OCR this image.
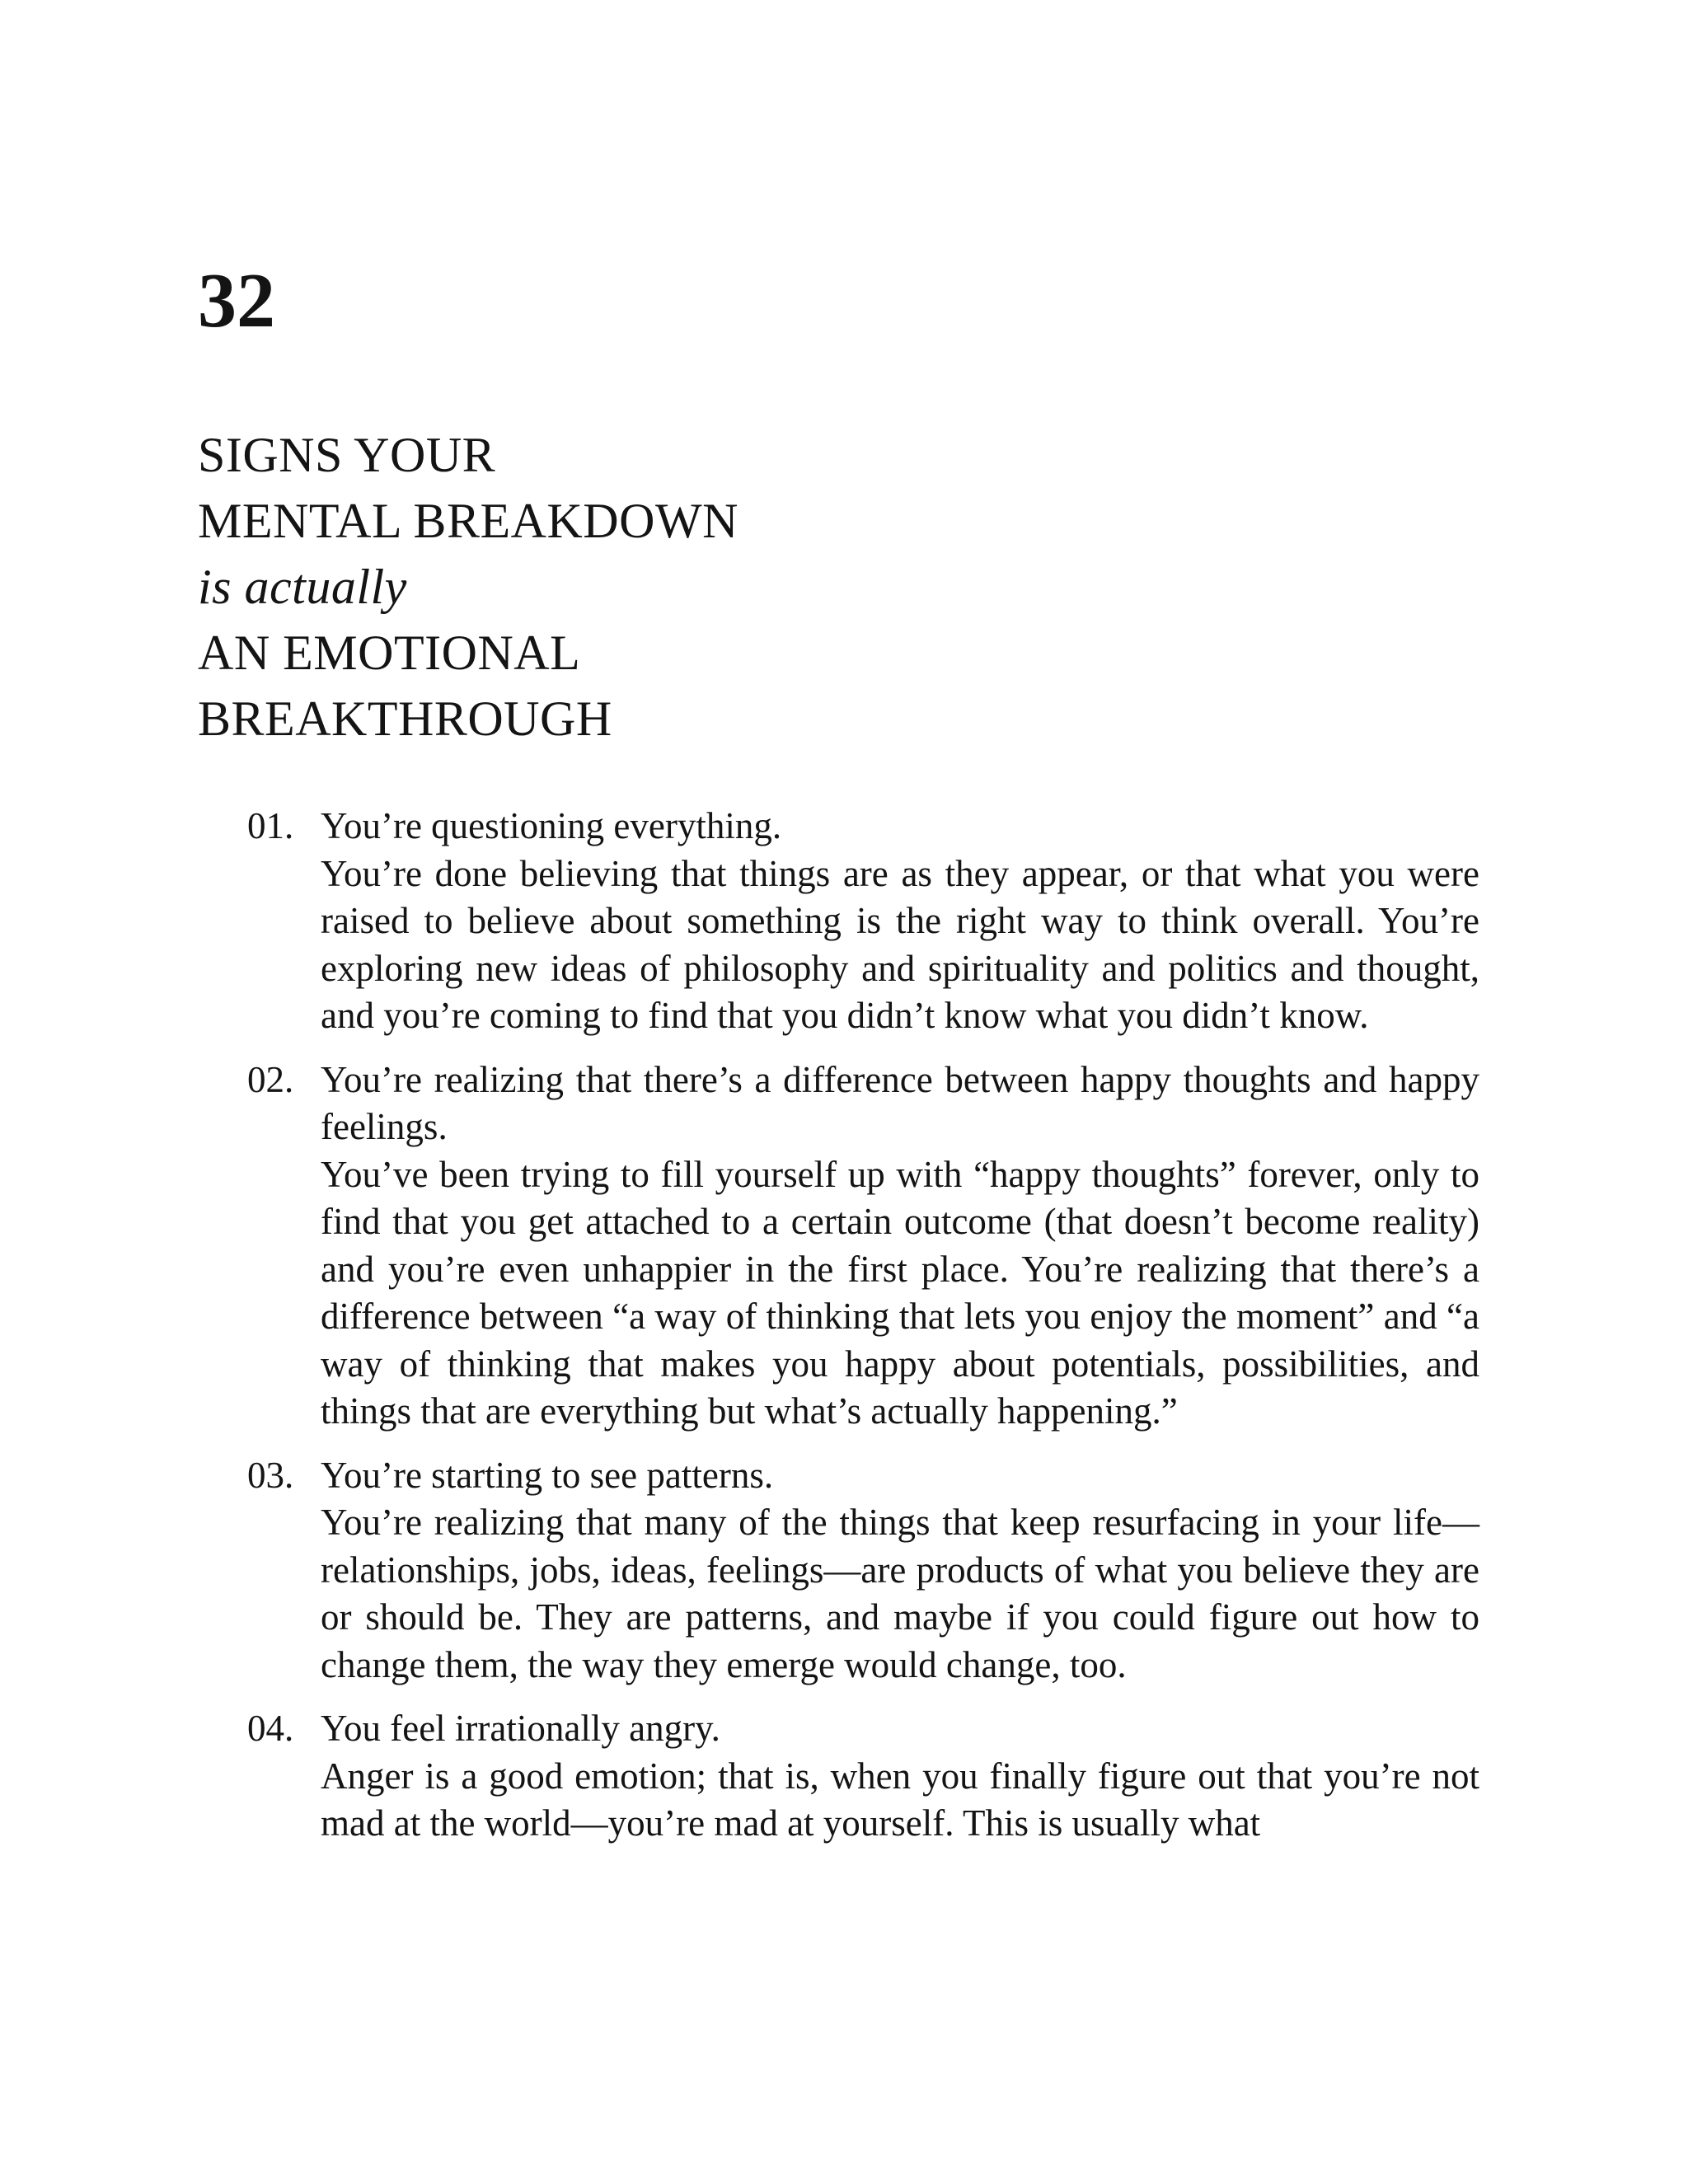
32
SIGNS YOUR
MENTAL BREAKDOWN
is actually
AN EMOTIONAL
BREAKTHROUGH
01. You’re questioning everything.
You’re done believing that things are as they appear, or that what you were raised to believe about something is the right way to think overall. You’re exploring new ideas of philosophy and spirituality and politics and thought, and you’re coming to find that you didn’t know what you didn’t know.
02. You’re realizing that there’s a difference between happy thoughts and happy feelings.
You’ve been trying to fill yourself up with “happy thoughts” forever, only to find that you get attached to a certain outcome (that doesn’t become reality) and you’re even unhappier in the first place. You’re realizing that there’s a difference between “a way of thinking that lets you enjoy the moment” and “a way of thinking that makes you happy about potentials, possibilities, and things that are everything but what’s actually happening.”
03. You’re starting to see patterns.
You’re realizing that many of the things that keep resurfacing in your life—relationships, jobs, ideas, feelings—are products of what you believe they are or should be. They are patterns, and maybe if you could figure out how to change them, the way they emerge would change, too.
04. You feel irrationally angry.
Anger is a good emotion; that is, when you finally figure out that you’re not mad at the world—you’re mad at yourself. This is usually what
